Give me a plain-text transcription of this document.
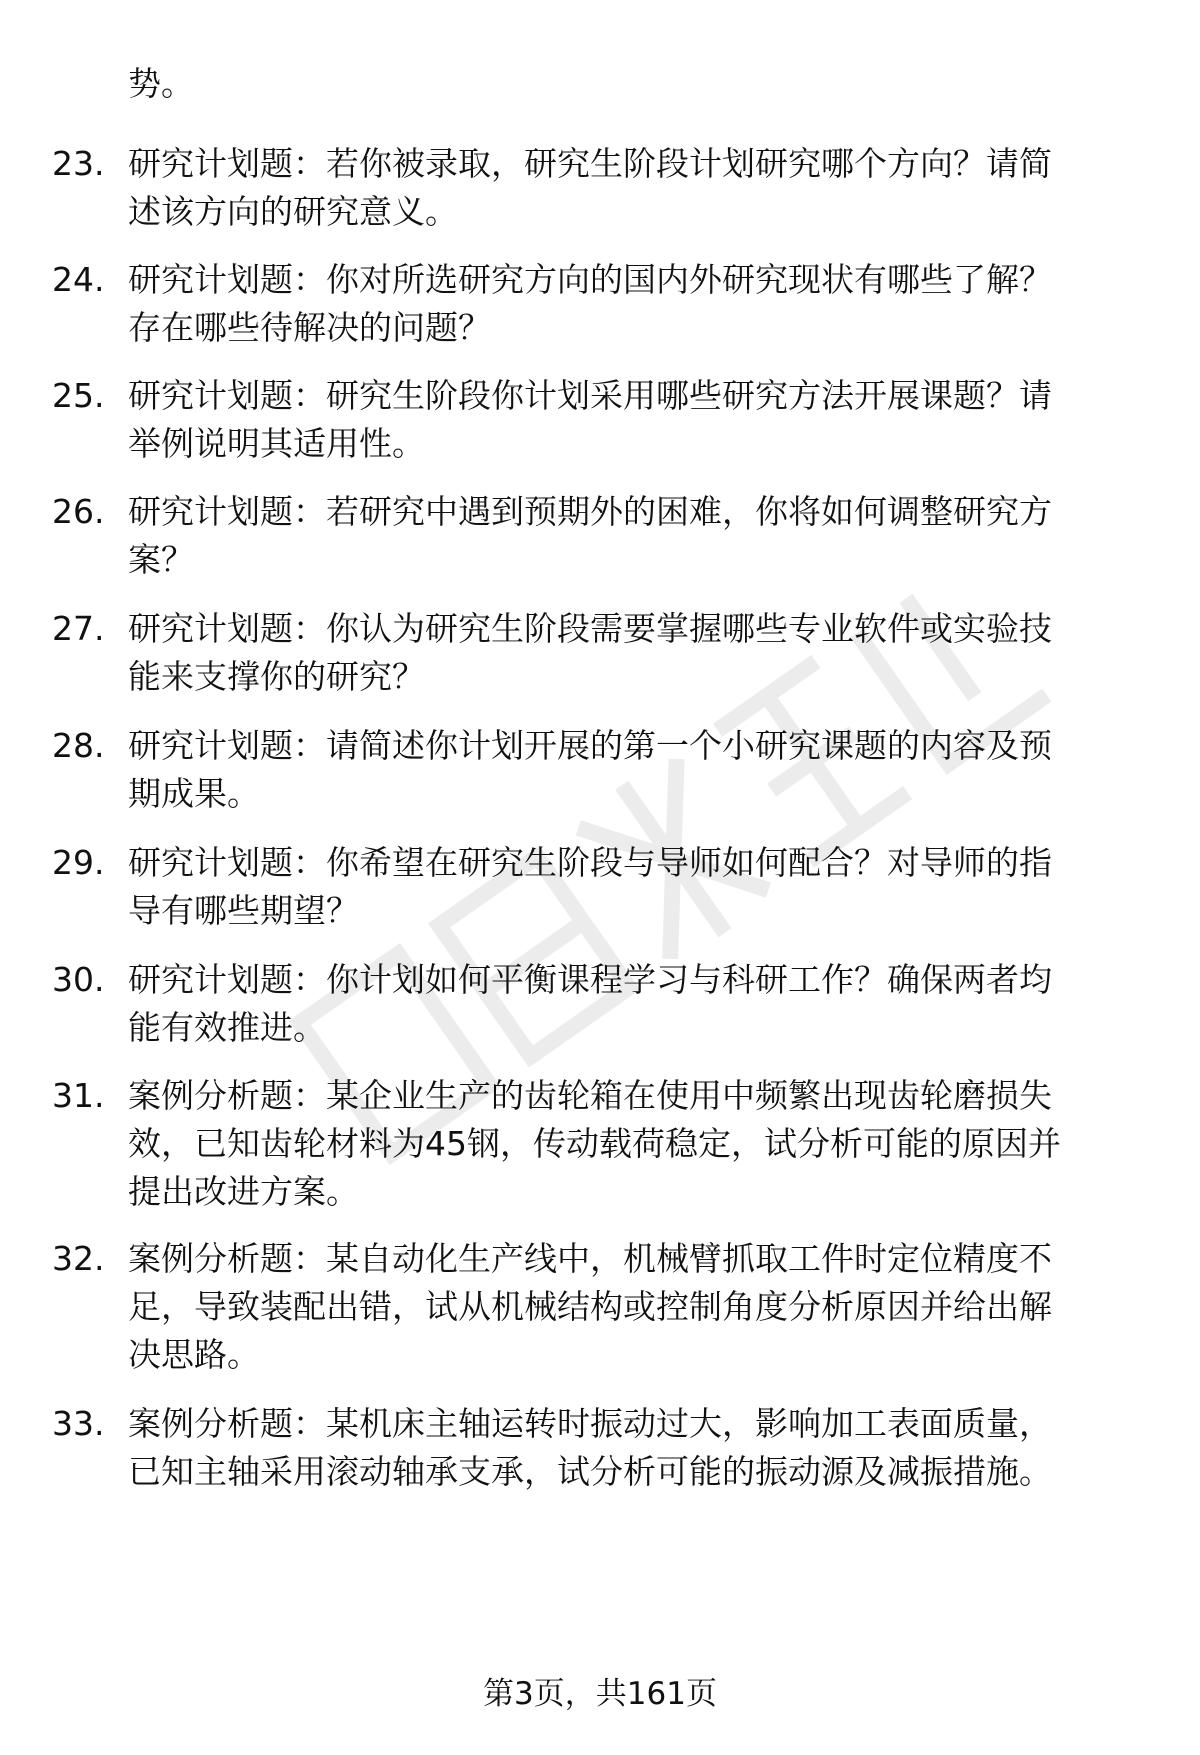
势。
23. 研究计划题：若你被录取，研究生阶段计划研究哪个方向？请简
述该方向的研究意义。
24. 研究计划题：你对所选研究方向的国内外研究现状有哪些了解？
存在哪些待解决的问题？
25. 研究计划题：研究生阶段你计划采用哪些研究方法开展课题？请
举例说明其适用性。
26. 研究计划题：若研究中遇到预期外的困难，你将如何调整研究方
案？
27. 研究计划题：你认为研究生阶段需要掌握哪些专业软件或实验技
能来支撑你的研究？
28. 研究计划题：请简述你计划开展的第一个小研究课题的内容及预
期成果。
29. 研究计划题：你希望在研究生阶段与导师如何配合？对导师的指
导有哪些期望？
30. 研究计划题：你计划如何平衡课程学习与科研工作？确保两者均
能有效推进。
31. 案例分析题：某企业生产的齿轮箱在使用中频繁出现齿轮磨损失
效，已知齿轮材料为45钢，传动载荷稳定，试分析可能的原因并
提出改进方案。
32. 案例分析题：某自动化生产线中，机械臂抓取工件时定位精度不
足，导致装配出错，试从机械结构或控制角度分析原因并给出解
决思路。
33. 案例分析题：某机床主轴运转时振动过大，影响加工表面质量，
已知主轴采用滚动轴承支承，试分析可能的振动源及减振措施。
第3页，共161页
